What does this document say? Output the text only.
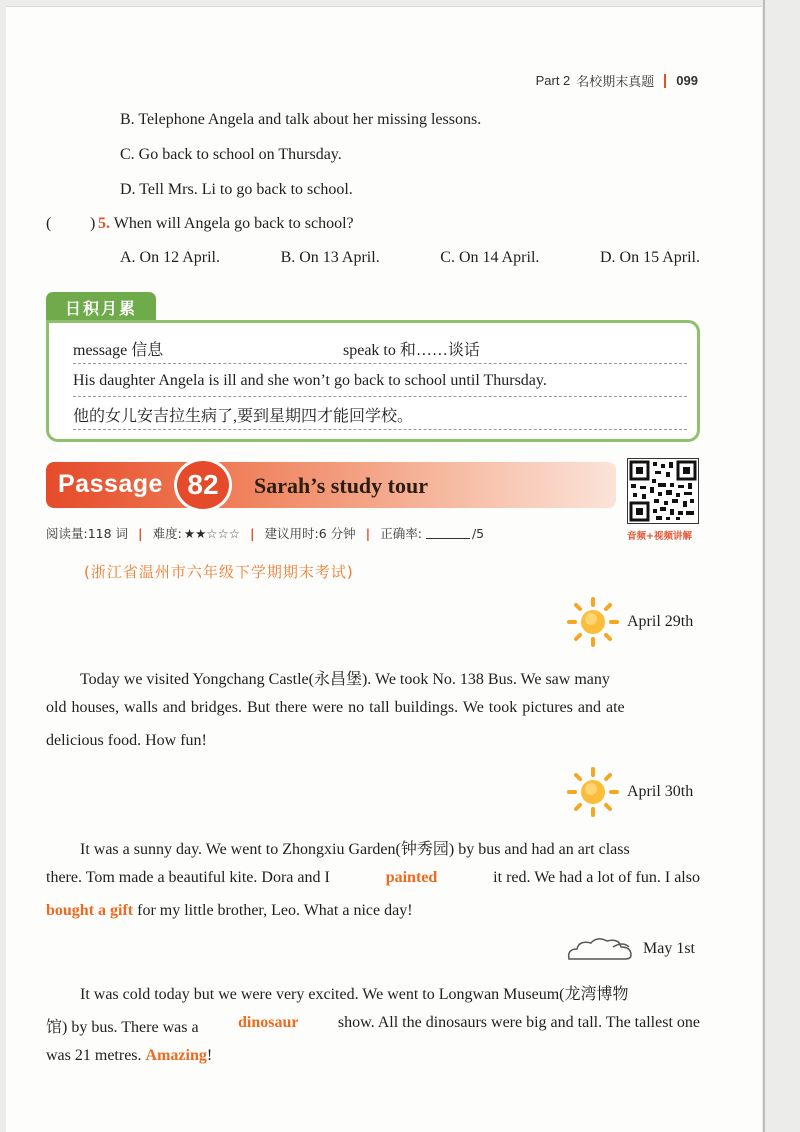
Part 2 名校期末真题 099
B. Telephone Angela and talk about her missing lessons.
C. Go back to school on Thursday.
D. Tell Mrs. Li to go back to school.
( ) 5. When will Angela go back to school?
A. On 12 April.	B. On 13 April.	C. On 14 April.	D. On 15 April.
日积月累
message 信息	speak to 和……谈话
His daughter Angela is ill and she won’t go back to school until Thursday.
他的女儿安吉拉生病了,要到星期四才能回学校。
Passage 82	Sarah’s study tour
音频+视频讲解
阅读量:118 词 | 难度: ★★☆☆☆ | 建议用时:6 分钟 | 正确率:	/5
(浙江省温州市六年级下学期期末考试)
April 29th
Today we visited Yongchang Castle(永昌堡). We took No. 138 Bus. We saw many
old houses, walls and bridges. But there were no tall buildings. We took pictures and ate
delicious food. How fun!
April 30th
It was a sunny day. We went to Zhongxiu Garden(钟秀园) by bus and had an art class
there. Tom made a beautiful kite. Dora and I	painted	it red. We had a lot of fun. I also
bought a gift for my little brother, Leo. What a nice day!
May 1st
It was cold today but we were very excited. We went to Longwan Museum(龙湾博物
馆) by bus. There was a dinosaur show. All the dinosaurs were big and tall. The tallest one
was 21 metres. Amazing!
